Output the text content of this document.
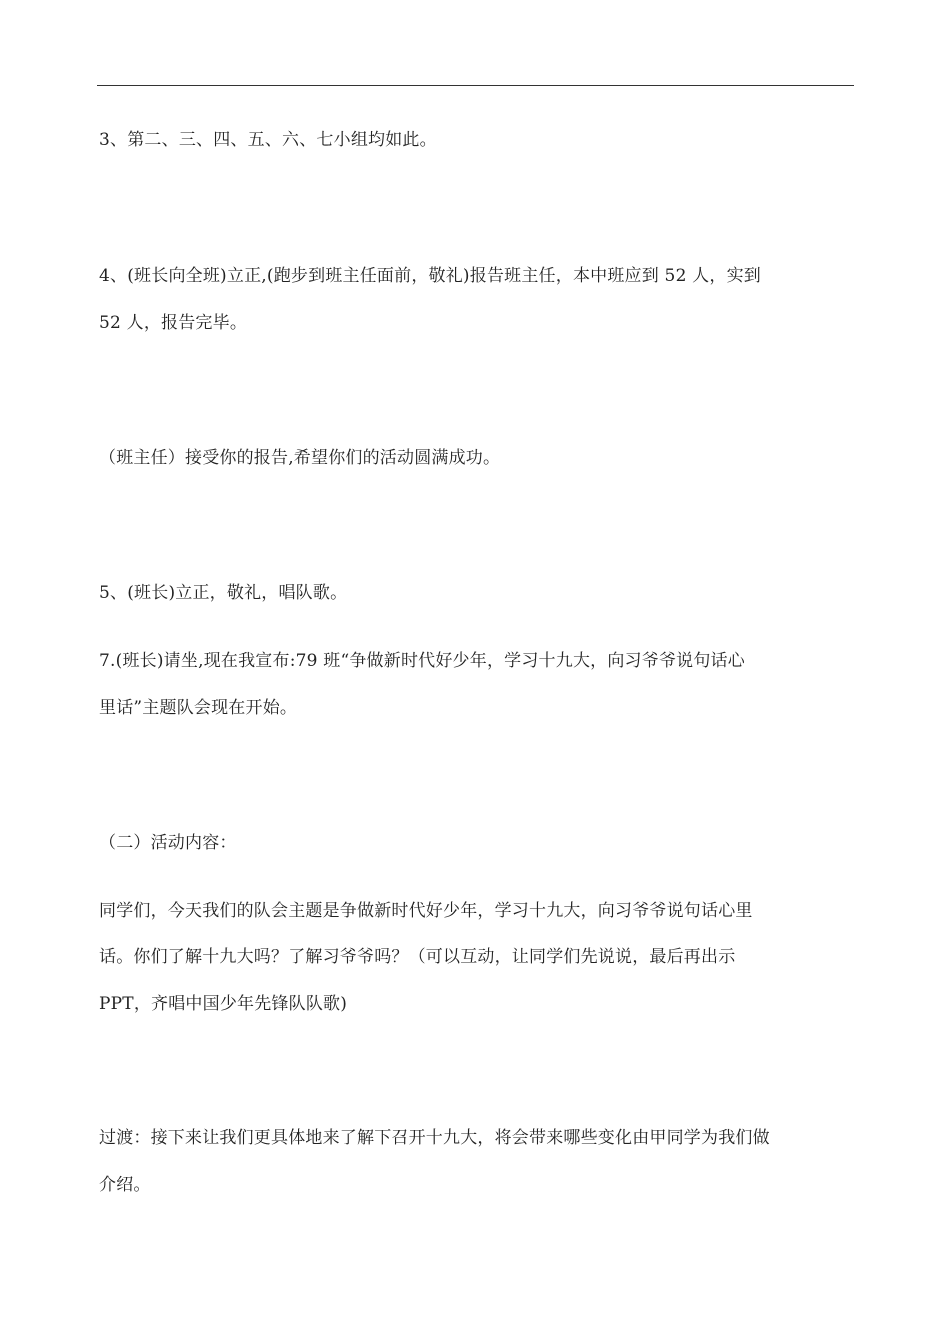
3、第二、三、四、五、六、七小组均如此。
4、(班长向全班)立正,(跑步到班主任面前，敬礼)报告班主任，本中班应到 52 人，实到
52 人，报告完毕。
（班主任）接受你的报告,希望你们的活动圆满成功。
5、(班长)立正，敬礼，唱队歌。
7.(班长)请坐,现在我宣布:79 班“争做新时代好少年，学习十九大，向习爷爷说句话心
里话”主题队会现在开始。
（二）活动内容：
同学们，今天我们的队会主题是争做新时代好少年，学习十九大，向习爷爷说句话心里
话。你们了解十九大吗？了解习爷爷吗？（可以互动，让同学们先说说，最后再出示
PPT，齐唱中国少年先锋队队歌)
过渡：接下来让我们更具体地来了解下召开十九大，将会带来哪些变化由甲同学为我们做
介绍。
